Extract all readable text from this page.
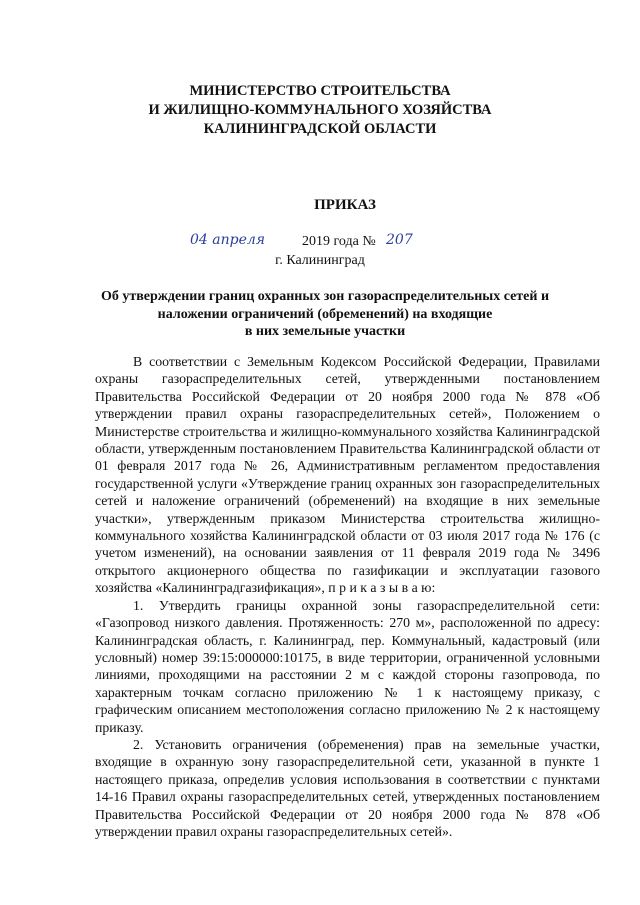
МИНИСТЕРСТВО СТРОИТЕЛЬСТВА
И ЖИЛИЩНО-КОММУНАЛЬНОГО ХОЗЯЙСТВА
КАЛИНИНГРАДСКОЙ ОБЛАСТИ
ПРИКАЗ
04 апреля	2019 года № 207
г. Калининград
Об утверждении границ охранных зон газораспределительных сетей и
наложении ограничений (обременений) на входящие
в них земельные участки

В соответствии с Земельным Кодексом Российской Федерации, Правилами охраны газораспределительных сетей, утвержденными постановлением Правительства Российской Федерации от 20 ноября 2000 года № 878 «Об утверждении правил охраны газораспределительных сетей», Положением о Министерстве строительства и жилищно-коммунального хозяйства Калининградской области, утвержденным постановлением Правительства Калининградской области от 01 февраля 2017 года № 26, Административным регламентом предоставления государственной услуги «Утверждение границ охранных зон газораспределительных сетей и наложение ограничений (обременений) на входящие в них земельные участки», утвержденным приказом Министерства строительства жилищно-коммунального хозяйства Калининградской области от 03 июля 2017 года № 176 (с учетом изменений), на основании заявления от 11 февраля 2019 года № 3496 открытого акционерного общества по газификации и эксплуатации газового хозяйства «Калининградгазификация», п р и к а з ы в а ю:

1. Утвердить границы охранной зоны газораспределительной сети: «Газопровод низкого давления. Протяженность: 270 м», расположенной по адресу: Калининградская область, г. Калининград, пер. Коммунальный, кадастровый (или условный) номер 39:15:000000:10175, в виде территории, ограниченной условными линиями, проходящими на расстоянии 2 м с каждой стороны газопровода, по характерным точкам согласно приложению № 1 к настоящему приказу, с графическим описанием местоположения согласно приложению № 2 к настоящему приказу.

2. Установить ограничения (обременения) прав на земельные участки, входящие в охранную зону газораспределительной сети, указанной в пункте 1 настоящего приказа, определив условия использования в соответствии с пунктами 14-16 Правил охраны газораспределительных сетей, утвержденных постановлением Правительства Российской Федерации от 20 ноября 2000 года № 878 «Об утверждении правил охраны газораспределительных сетей».
